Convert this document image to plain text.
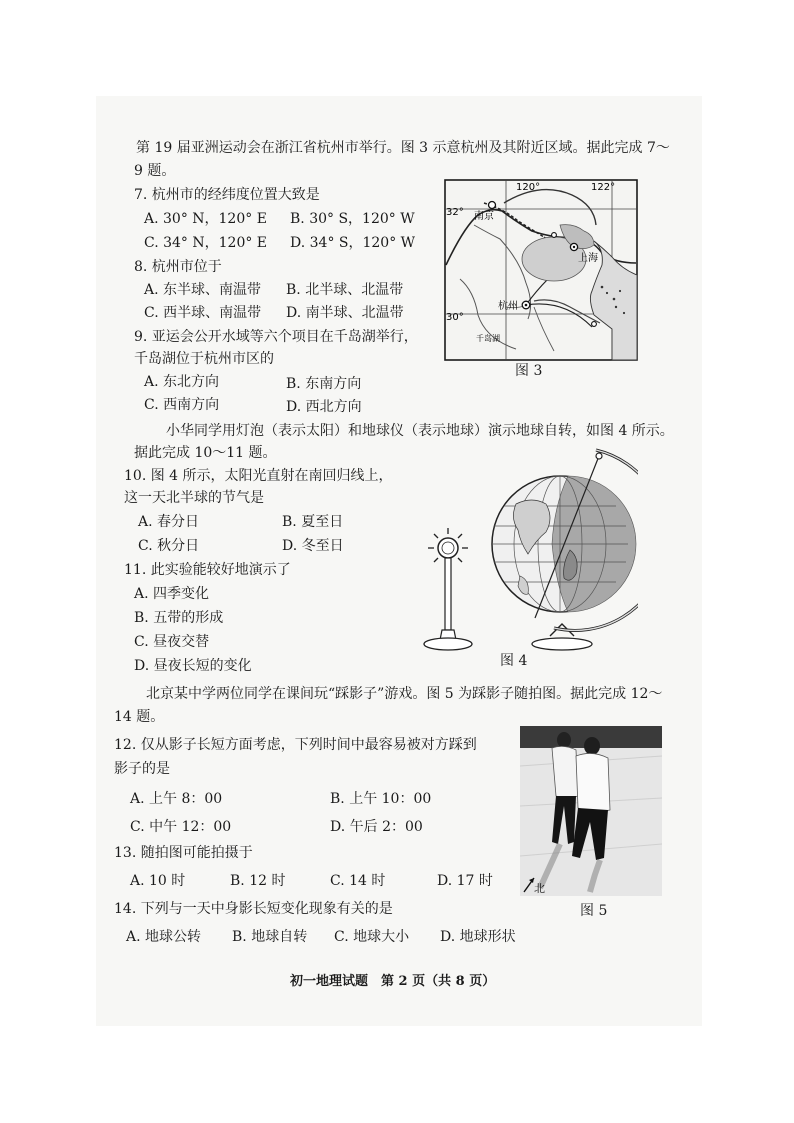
第 19 届亚洲运动会在浙江省杭州市举行。图 3 示意杭州及其附近区域。据此完成 7～
9 题。
7. 杭州市的经纬度位置大致是
A. 30° N，120° E B. 30° S，120° W
C. 34° N，120° E D. 34° S，120° W
8. 杭州市位于
A. 东半球、南温带 B. 北半球、北温带
C. 西半球、南温带 D. 南半球、北温带
9. 亚运会公开水域等六个项目在千岛湖举行，
千岛湖位于杭州市区的
A. 东北方向	B. 东南方向
C. 西南方向	D. 西北方向
120°	122°
32°
30°
南京
上海
杭州
千岛湖
图 3
小华同学用灯泡（表示太阳）和地球仪（表示地球）演示地球自转，如图 4 所示。
据此完成 10～11 题。
10. 图 4 所示，太阳光直射在南回归线上，
这一天北半球的节气是
A. 春分日	B. 夏至日
C. 秋分日	D. 冬至日
11. 此实验能较好地演示了
A. 四季变化
B. 五带的形成
C. 昼夜交替
D. 昼夜长短的变化	图 4
北京某中学两位同学在课间玩“踩影子”游戏。图 5 为踩影子随拍图。据此完成 12～
14 题。
12. 仅从影子长短方面考虑，下列时间中最容易被对方踩到
影子的是
A. 上午 8：00	B. 上午 10：00
C. 中午 12：00	D. 午后 2：00
13. 随拍图可能拍摄于
A. 10 时	B. 12 时	C. 14 时	D. 17 时
14. 下列与一天中身影长短变化现象有关的是
A. 地球公转 B. 地球自转 C. 地球大小 D. 地球形状
北
图 5
初一地理试题　第 2 页（共 8 页）
